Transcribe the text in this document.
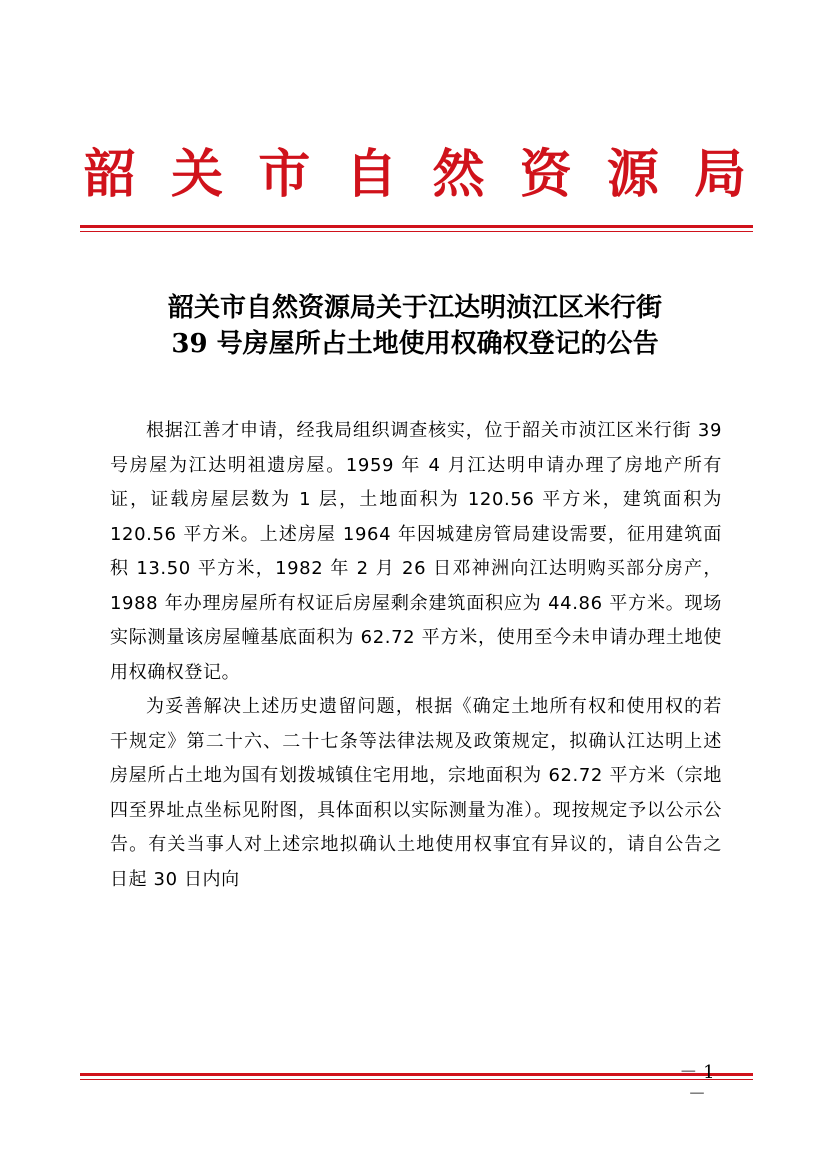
韶 关 市 自 然 资 源 局
韶关市自然资源局关于江达明浈江区米行街
39 号房屋所占土地使用权确权登记的公告

根据江善才申请，经我局组织调查核实，位于韶关市浈江区米行街 39 号房屋为江达明祖遗房屋。1959 年 4 月江达明申请办理了房地产所有证，证载房屋层数为 1 层，土地面积为 120.56 平方米，建筑面积为 120.56 平方米。上述房屋 1964 年因城建房管局建设需要，征用建筑面积 13.50 平方米，1982 年 2 月 26 日邓神洲向江达明购买部分房产，1988 年办理房屋所有权证后房屋剩余建筑面积应为 44.86 平方米。现场实际测量该房屋幢基底面积为 62.72 平方米，使用至今未申请办理土地使用权确权登记。

为妥善解决上述历史遗留问题，根据《确定土地所有权和使用权的若干规定》第二十六、二十七条等法律法规及政策规定，拟确认江达明上述房屋所占土地为国有划拨城镇住宅用地，宗地面积为 62.72 平方米（宗地四至界址点坐标见附图，具体面积以实际测量为准）。现按规定予以公示公告。有关当事人对上述宗地拟确认土地使用权事宜有异议的，请自公告之日起 30 日内向

－ 1 －
